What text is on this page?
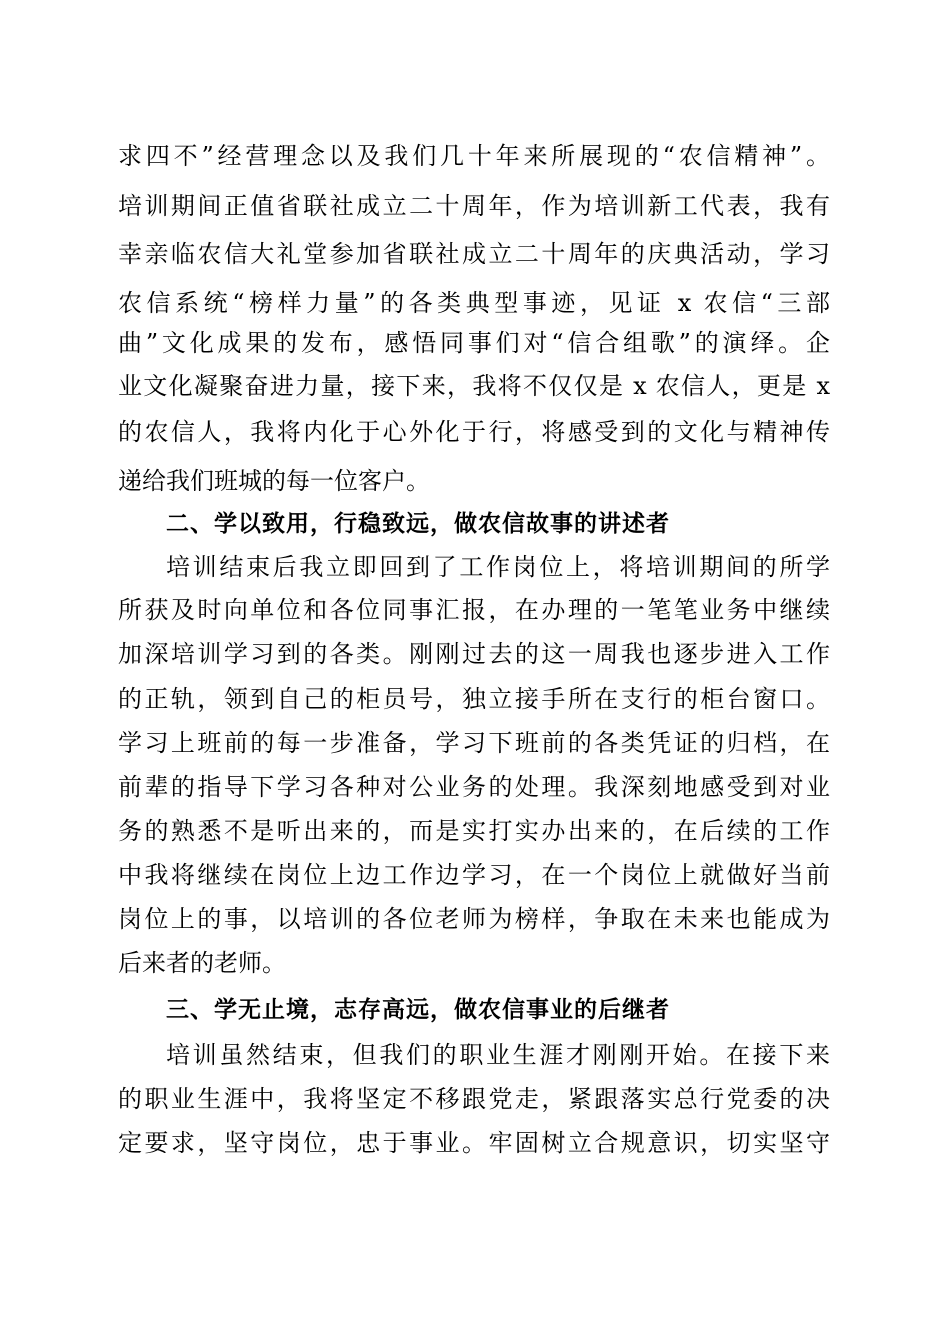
求四不”经营理念以及我们几十年来所展现的“农信精神”。
培训期间正值省联社成立二十周年，作为培训新工代表，我有
幸亲临农信大礼堂参加省联社成立二十周年的庆典活动，学习
农信系统“榜样力量”的各类典型事迹，见证 x 农信“三部
曲”文化成果的发布，感悟同事们对“信合组歌”的演绎。企
业文化凝聚奋进力量，接下来，我将不仅仅是 x 农信人，更是 x
的农信人，我将内化于心外化于行，将感受到的文化与精神传
递给我们班城的每一位客户。
二、学以致用，行稳致远，做农信故事的讲述者
培训结束后我立即回到了工作岗位上，将培训期间的所学
所获及时向单位和各位同事汇报，在办理的一笔笔业务中继续
加深培训学习到的各类。刚刚过去的这一周我也逐步进入工作
的正轨，领到自己的柜员号，独立接手所在支行的柜台窗口。
学习上班前的每一步准备，学习下班前的各类凭证的归档，在
前辈的指导下学习各种对公业务的处理。我深刻地感受到对业
务的熟悉不是听出来的，而是实打实办出来的，在后续的工作
中我将继续在岗位上边工作边学习，在一个岗位上就做好当前
岗位上的事，以培训的各位老师为榜样，争取在未来也能成为
后来者的老师。
三、学无止境，志存高远，做农信事业的后继者
培训虽然结束，但我们的职业生涯才刚刚开始。在接下来
的职业生涯中，我将坚定不移跟党走，紧跟落实总行党委的决
定要求，坚守岗位，忠于事业。牢固树立合规意识，切实坚守
